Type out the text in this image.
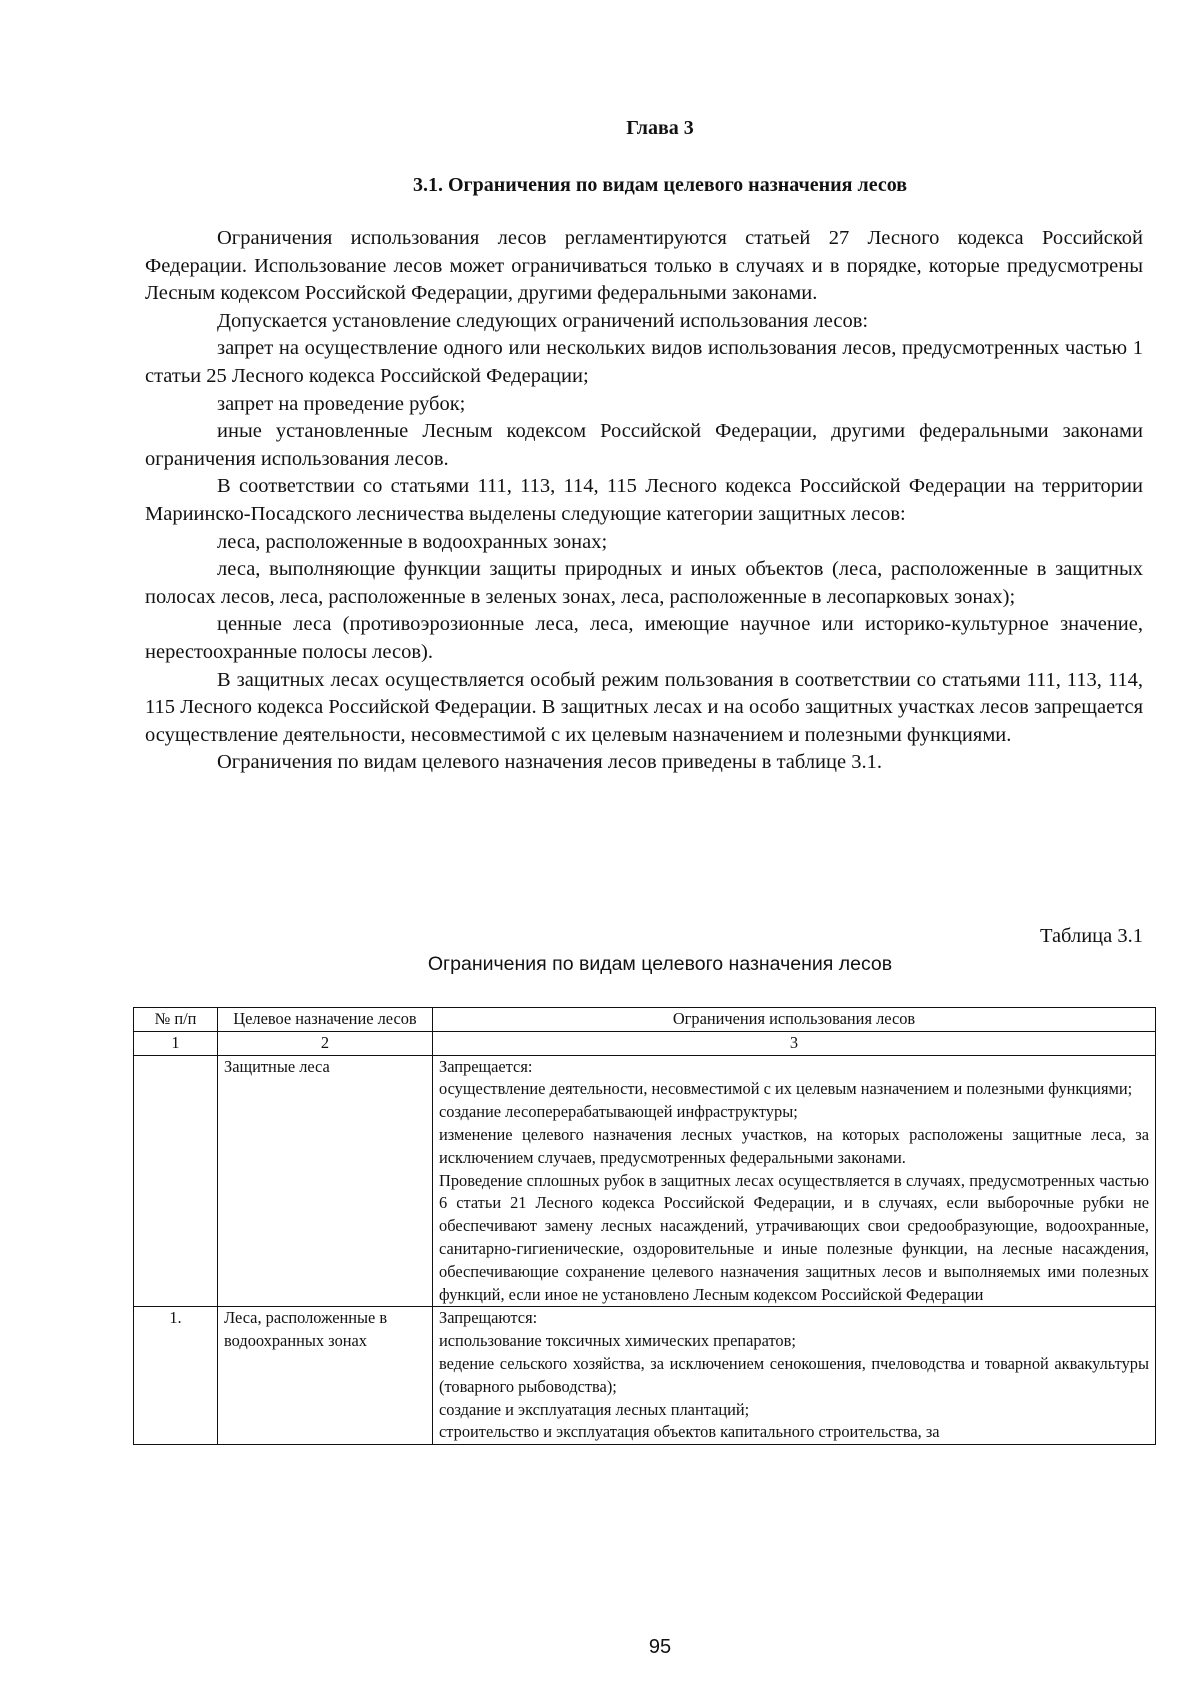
Глава 3
3.1. Ограничения по видам целевого назначения лесов

Ограничения использования лесов регламентируются статьей 27 Лесного кодекса Российской Федерации. Использование лесов может ограничиваться только в случаях и в порядке, которые предусмотрены Лесным кодексом Российской Федерации, другими федеральными законами.

Допускается установление следующих ограничений использования лесов:

запрет на осуществление одного или нескольких видов использования лесов, предусмотренных частью 1 статьи 25 Лесного кодекса Российской Федерации;

запрет на проведение рубок;

иные установленные Лесным кодексом Российской Федерации, другими федеральными законами ограничения использования лесов.

В соответствии со статьями 111, 113, 114, 115 Лесного кодекса Российской Федерации на территории Мариинско-Посадского лесничества выделены следующие категории защитных лесов:

леса, расположенные в водоохранных зонах;

леса, выполняющие функции защиты природных и иных объектов (леса, расположенные в защитных полосах лесов, леса, расположенные в зеленых зонах, леса, расположенные в лесопарковых зонах);

ценные леса (противоэрозионные леса, леса, имеющие научное или историко-культурное значение, нерестоохранные полосы лесов).

В защитных лесах осуществляется особый режим пользования в соответствии со статьями 111, 113, 114, 115 Лесного кодекса Российской Федерации. В защитных лесах и на особо защитных участках лесов запрещается осуществление деятельности, несовместимой с их целевым назначением и полезными функциями.

Ограничения по видам целевого назначения лесов приведены в таблице 3.1.

Таблица 3.1
Ограничения по видам целевого назначения лесов
№ п/п	Целевое назначение лесов	Ограничения использования лесов
1	2	3
	Защитные леса	Запрещается:
осуществление деятельности, несовместимой с их целевым назначением и полезными функциями;
создание лесоперерабатывающей инфраструктуры;
изменение целевого назначения лесных участков, на которых расположены защитные леса, за исключением случаев, предусмотренных федеральными законами.
Проведение сплошных рубок в защитных лесах осуществляется в случаях, предусмотренных частью 6 статьи 21 Лесного кодекса Российской Федерации, и в случаях, если выборочные рубки не обеспечивают замену лесных насаждений, утрачивающих свои средообразующие, водоохранные, санитарно-гигиенические, оздоровительные и иные полезные функции, на лесные насаждения, обеспечивающие сохранение целевого назначения защитных лесов и выполняемых ими полезных функций, если иное не установлено Лесным кодексом Российской Федерации

1.	Леса, расположенные в водоохранных зонах	Запрещаются:
использование токсичных химических препаратов;
ведение сельского хозяйства, за исключением сенокошения, пчеловодства и товарной аквакультуры (товарного рыбоводства);
создание и эксплуатация лесных плантаций;
строительство и эксплуатация объектов капитального строительства, за
95
